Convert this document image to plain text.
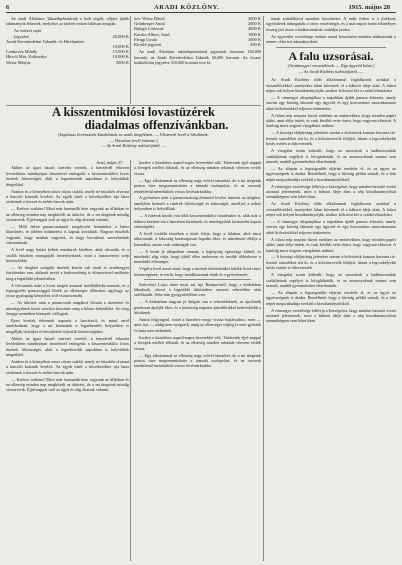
6	ARADI KÖZLÖNY.	1915. május 28

Az aradi Általános Takarékpénztárnál a hadi segély céljára újabb adományok érkeztek, melyeket az intézet ezúton hálásan nyugtáz.

Az intézet saját
jegyzése	20,000 K
Aradi Kereskedelmi Takarék- és Hitelintézet
10,000 K
Lenkovits Mihály	15,000 K
Hirsch Mór, Zsilinszky	10,000 K
Weisz Mátyás	5000 K
özv. Weisz Dávid	2000 K
Grünberger Antal	2000 K
Balogh Lőrincné	2000 K
Kardos Albert, Arad	1000 K
Fleugi Gyula	1000 K
Klotild jegyzett	500 K

Az aradi Általános takarékpénztárnál jegyeztek összesen 160,000 koronát, az Aradi Kereskedelmi Takarék 50,600 koronát. Az összes hadikölcsön jegyzése 310,600 koronát tesz ki.

ténak szándékával mondott köszönetet. A múlt évben is a jótékony egyesületek támogatták a város vezetőségét, és a mai napon ismét tekintélyes összeg jött össze a hadbavonultak családjai javára.

Az egyesület vezetősége ezúton mond köszönetet minden adakozónak a nemes célra tett adományokért.

A falu uzsorásai.
(Aradmegyei visszaélések. — Egy ügyvéd bűne.)
— Az Aradi Közlöny tudósítójától. —

Az Aradi Közlöny több alkalommal foglalkozott azokkal a visszaélésekkel, amelyeket falun követnek el a háború ideje alatt. A falusi népet sok helyen kizsákmányolják, amikor kölcsönt kér a család eltartására.

— A vármegye alispánjához a napokban újabb panasz érkezett, amely szerint egy község lakosait egy ügyvéd és egy korcsmáros uzsorakamatra adott kölcsönökkel teljesen tönkretette.

A falusi nép annyira bízott ezekben az emberekben, hogy minden papírt aláírt, amit eléje tettek, és csak később vette észre, hogy vagyona elúszott. A hatóság most szigorú vizsgálatot indított.

— A községi elöljáróság jelentése szerint a kölcsönök kamata havonta tíz-tizenöt százalékot tett ki, és a kölcsönvevők földjeit, házait a legcsekélyebb késés esetén is elárverezték.

A vizsgálat során kiderült, hogy az uzsorások a hadbavonultak családjainak segélyét is lefoglaltatták, és az asszonyoknak semmi sem maradt, amiből gyermekeiket eltarthatnák.

— Az alispán a legszigorúbb eljárást rendelte el, és az ügyet az ügyészségnek is átadta. Remélhető, hogy a bíróság példát statuál, és a falu népét megszabadítja ezektől a kizsákmányolóktól.

A vármegye vezetősége felhívja a községeket, hogy minden hasonló esetet azonnal jelentsenek, mert a háború ideje alatt a nép kizsákmányolását semmiképpen sem lehet tűrni.

Az Aradi Közlöny több alkalommal foglalkozott azokkal a visszaélésekkel, amelyeket falun követnek el a háború ideje alatt. A falusi népet sok helyen kizsákmányolják, amikor kölcsönt kér a család eltartására.

— A vármegye alispánjához a napokban újabb panasz érkezett, amely szerint egy község lakosait egy ügyvéd és egy korcsmáros uzsorakamatra adott kölcsönökkel teljesen tönkretette.

A falusi nép annyira bízott ezekben az emberekben, hogy minden papírt aláírt, amit eléje tettek, és csak később vette észre, hogy vagyona elúszott. A hatóság most szigorú vizsgálatot indított.

— A községi elöljáróság jelentése szerint a kölcsönök kamata havonta tíz-tizenöt százalékot tett ki, és a kölcsönvevők földjeit, házait a legcsekélyebb késés esetén is elárverezték.

A vizsgálat során kiderült, hogy az uzsorások a hadbavonultak családjainak segélyét is lefoglaltatták, és az asszonyoknak semmi sem maradt, amiből gyermekeiket eltarthatnák.

— Az alispán a legszigorúbb eljárást rendelte el, és az ügyet az ügyészségnek is átadta. Remélhető, hogy a bíróság példát statuál, és a falu népét megszabadítja ezektől a kizsákmányolóktól.

A vármegye vezetősége felhívja a községeket, hogy minden hasonló esetet azonnal jelentsenek, mert a háború ideje alatt a nép kizsákmányolását semmiképpen sem lehet tűrni.

A kisszentmiklósi lovastüzérek
diadalmas offenzívánkban.
(Izgalmas lövészárok küzdelmek az aradi ütegekben. — Elismerő levél a hősöknek.
— Hazafias levél érdeme.)
— Az Aradi Közlöny tudósítójától. —
Arad, május 27.

Akiket az igazi hazafi szeretet vezérel, a harctérről érkezett leveleikben mindnyájan dicsérettel emlegetik a kisszentmiklósi lovas tüzérek hősiességét, akik a legnehezebb napokban is helytálltak ütegeikkel.

Aradon és a környéken nincs olyan család, amely ne büszkén olvasná a harcoló katonák leveleit. Az egyik tüzér a következőket írja haza szüleinek a hosszú és nehéz harcok után.

— Kedves szüleim! Most már harmadik hete vagyunk az állásban és az ellenség minden nap megkísérli az áttörést, de a mi ütegeink mindig visszaverik. Éjjel-nappal szól az ágyú és alig alszunk valamit.

— Múlt héten parancsnokunk megdicsért bennünket a bátor kitartásért, és többen kitüntetést is kaptak közülünk. Nagyon büszkék vagyunk, hogy aradiak vagyunk, és hogy becsületet szerezhetünk városunknak.

A levél nagy hatást keltett mindazok körében, akik olvasták, és a szülők büszkén mutogatják ismerőseiknek, mint a hazaszeretet szép bizonyítékát.

— Az ütegben szolgáló tüzérek között sok aradi és aradmegyei fiatalember van, akiknek nevét a hadvezetőség is elismeréssel említette meg a legutóbbi jelentésében.

A felvonulás után a lovas ütegek azonnal tüzelőállásba mentek, és a legnagyobb pontossággal lőtték az ellenséges állásokat, úgyhogy az orosz gyalogság kénytelen volt visszavonulni.

— Az ütközet után a parancsnok magához hívatta a tüzéreket és mindegyiknek kezet szorítva köszönte meg a hősies helytállást. Az öreg őrnagy szemében könnyek csillogtak.

Ilyen levelek érkeznek naponta a harctérről, és mind arról tanúskodnak, hogy a mi katonáink a legnehezebb helyzetben is megállják helyüket és becsülettel teljesítik kötelességüket.

Akiket az igazi hazafi szeretet vezérel, a harctérről érkezett leveleikben mindnyájan dicsérettel emlegetik a kisszentmiklósi lovas tüzérek hősiességét, akik a legnehezebb napokban is helytálltak ütegeikkel.

Aradon és a környéken nincs olyan család, amely ne büszkén olvasná a harcoló katonák leveleit. Az egyik tüzér a következőket írja haza szüleinek a hosszú és nehéz harcok után.

— Kedves szüleim! Most már harmadik hete vagyunk az állásban és az ellenség minden nap megkísérli az áttörést, de a mi ütegeink mindig visszaverik. Éjjel-nappal szól az ágyú és alig alszunk valamit.

kezdve a küzdelem napról-napra hevesebbé vált. Tüzéreink éjjel-nappal a lövegek mellett állottak, és az ellenség minden rohamát véresen verték vissza.

— Egy alkalommal az ellenség nagy erővel támadott, de a mi ütegeink pontos tüze megsemmisítette a támadó oszlopokat, és az oroszok rendetlenül menekültek vissza lövészárkaikba.

A győzelem után a parancsnokság elismerő levelet intézett az üteghez, amelyben kiemeli a tüzérek hősiességét és bátorságát, amellyel a nehéz helyzetben is helytálltak.

— A tüzérek között van több kisszentmiklósi fiatalember is, akik már a háború kezdete óta a harctéren küzdenek, és mindegyikük kitüntetést kapott vitézségéért.

A levél további részében a tüzér leírja, hogy a faluban, ahol most táboroznak, a lakosság barátságosan fogadta őket, és mindennel ellátja a katonákat, amire csak szükségük van.

— A lovak jó állapotban vannak, a legénység egészsége kitűnő, és mindenki alig várja, hogy újból előre mehessen és tovább üldözhesse a menekülő ellenséget.

Végül a levél azzal zárul, hogy a tüzérek üdvözletüket küldik Arad város közönségének, és kérik, hogy imádkozzanak értük és a győzelemért.

Szőcsényi Lajos tüzér most azt írja Budapestről, hogy a kórházban lábadozik, ahová a legutóbbi ütközetben szerzett sebesülése után szállították. Sebe már gyógyulófélben van.

— A kórházban nagyon jó dolguk van a sebesülteknek, az ápolónők gondosan ápolják őket, és a közönség naponta ajándékokkal kedveskedik a hősöknek.

Amint felgyógyul, ismét a harctérre megy vissza bajtársaihoz, mert — mint írja — addig nem nyugszik, amíg az ellenséget végleg le nem győzték és haza nem térhetnek.

kezdve a küzdelem napról-napra hevesebbé vált. Tüzéreink éjjel-nappal a lövegek mellett állottak, és az ellenség minden rohamát véresen verték vissza.

— Egy alkalommal az ellenség nagy erővel támadott, de a mi ütegeink pontos tüze megsemmisítette a támadó oszlopokat, és az oroszok rendetlenül menekültek vissza lövészárkaikba.
